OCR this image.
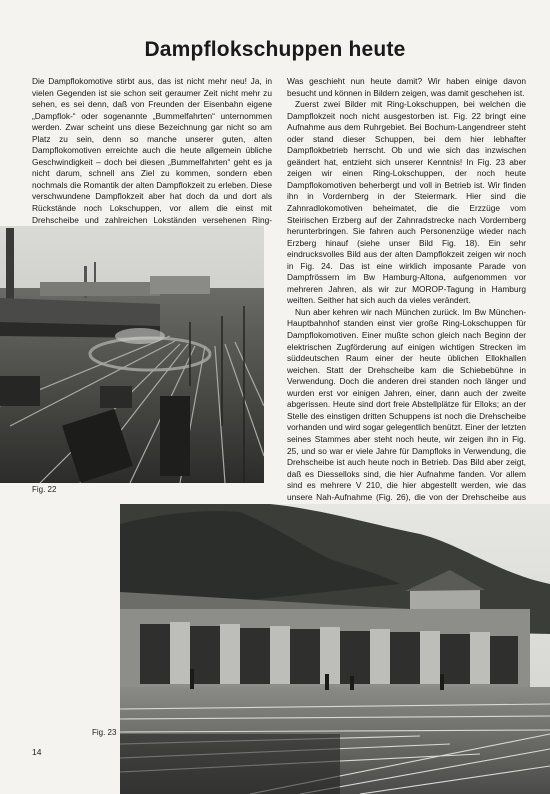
Dampflokschuppen heute

Die Dampflokomotive stirbt aus, das ist nicht mehr neu! Ja, in vielen Gegenden ist sie schon seit geraumer Zeit nicht mehr zu sehen, es sei denn, daß von Freunden der Eisenbahn eigene „Dampflok-“ oder sogenannte „Bummelfahrten“ unternommen werden. Zwar scheint uns diese Bezeichnung gar nicht so am Platz zu sein, denn so manche unserer guten, alten Dampflokomotiven erreichte auch die heute allgemein übliche Geschwindigkeit – doch bei diesen „Bummelfahrten“ geht es ja nicht darum, schnell ans Ziel zu kommen, sondern eben nochmals die Romantik der alten Dampflokzeit zu erleben. Diese verschwundene Dampflokzeit aber hat doch da und dort als Rückstände noch Lokschuppen, vor allem die einst mit Drehscheibe und zahlreichen Lokständen versehenen Ring-

Was geschieht nun heute damit? Wir haben einige davon besucht und können in Bildern zeigen, was damit geschehen ist.

Zuerst zwei Bilder mit Ring-Lokschuppen, bei welchen die Dampflokzeit noch nicht ausgestorben ist. Fig. 22 bringt eine Aufnahme aus dem Ruhrgebiet. Bei Bochum-Langendreer steht oder stand dieser Schuppen, bei dem hier lebhafter Dampflokbetrieb herrscht. Ob und wie sich das inzwischen geändert hat, entzieht sich unserer Kenntnis! In Fig. 23 aber zeigen wir einen Ring-Lokschuppen, der noch heute Dampflokomotiven beherbergt und voll in Betrieb ist. Wir finden ihn in Vordernberg in der Steiermark. Hier sind die Zahnradlokomotiven beheimatet, die die Erzzüge vom Steirischen Erzberg auf der Zahnradstrecke nach Vordernberg herunterbringen. Sie fahren auch Personenzüge wieder nach Erzberg hinauf (siehe unser Bild Fig. 18). Ein sehr eindrucksvolles Bild aus der alten Dampflokzeit zeigen wir noch in Fig. 24. Das ist eine wirklich imposante Parade von Dampfrössern im Bw Hamburg-Altona, aufgenommen vor mehreren Jahren, als wir zur MOROP-Tagung in Hamburg weilten. Seither hat sich auch da vieles verändert.

Nun aber kehren wir nach München zurück. Im Bw München-Hauptbahnhof standen einst vier große Ring-Lokschuppen für Dampflokomotiven. Einer mußte schon gleich nach Beginn der elektrischen Zugförderung auf einigen wichtigen Strecken im süddeutschen Raum einer der heute üblichen Ellokhallen weichen. Statt der Drehscheibe kam die Schiebebühne in Verwendung. Doch die anderen drei standen noch länger und wurden erst vor einigen Jahren, einer, dann auch der zweite abgerissen. Heute sind dort freie Abstellplätze für Elloks; an der Stelle des einstigen dritten Schuppens ist noch die Drehscheibe vorhanden und wird sogar gelegentlich benützt. Einer der letzten seines Stammes aber steht noch heute, wir zeigen ihn in Fig. 25, und so war er viele Jahre für Dampfloks in Verwendung, die Drehscheibe ist auch heute noch in Betrieb. Das Bild aber zeigt, daß es Diesselloks sind, die hier Aufnahme fanden. Vor allem sind es mehrere V 210, die hier abgestellt werden, wie das unsere Nah-Aufnahme (Fig. 26), die von der Drehscheibe aus

Fig. 22
Fig. 23
14
